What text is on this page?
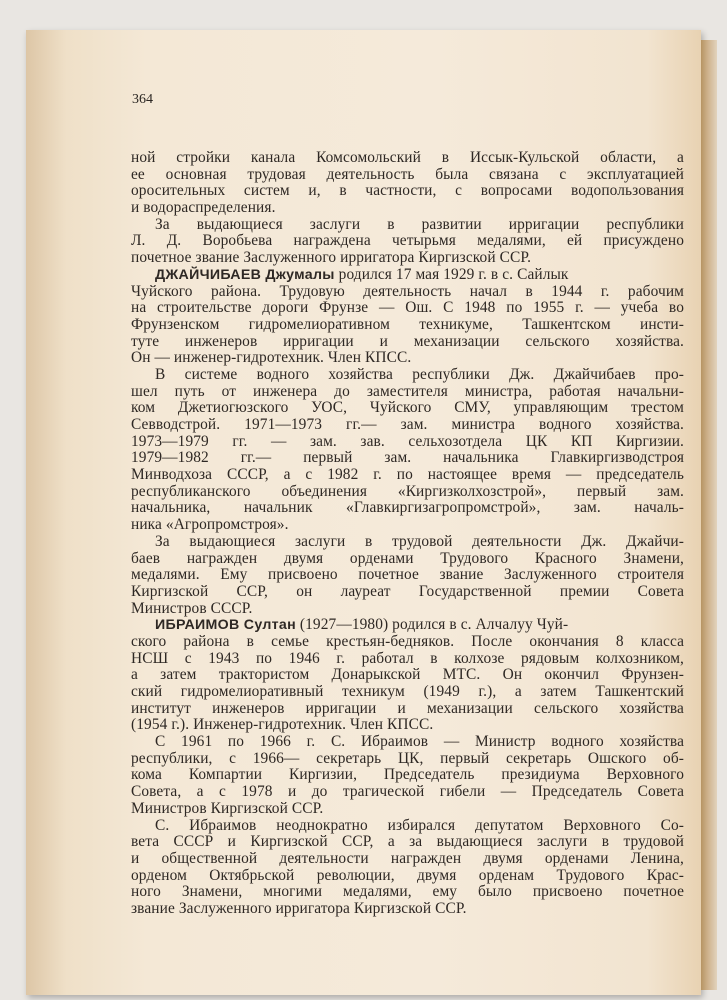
364
ной стройки канала Комсомольский в Иссык-Кульской области, а
ее основная трудовая деятельность была связана с эксплуатацией
оросительных систем и, в частности, с вопросами водопользования
и водораспределения.
За выдающиеся заслуги в развитии ирригации республики
Л. Д. Воробьева награждена четырьмя медалями, ей присуждено
почетное звание Заслуженного ирригатора Киргизской ССР.
ДЖАЙЧИБАЕВ Джумалы родился 17 мая 1929 г. в с. Сайлык
Чуйского района. Трудовую деятельность начал в 1944 г. рабочим
на строительстве дороги Фрунзе — Ош. С 1948 по 1955 г. — учеба во
Фрунзенском гидромелиоративном техникуме, Ташкентском инсти-
туте инженеров ирригации и механизации сельского хозяйства.
Он — инженер-гидротехник. Член КПСС.
В системе водного хозяйства республики Дж. Джайчибаев про-
шел путь от инженера до заместителя министра, работая начальни-
ком Джетиогюзского УОС, Чуйского СМУ, управляющим трестом
Севводстрой. 1971—1973 гг.— зам. министра водного хозяйства.
1973—1979 гг. — зам. зав. сельхозотдела ЦК КП Киргизии.
1979—1982 гг.— первый зам. начальника Главкиргизводстроя
Минводхоза СССР, а с 1982 г. по настоящее время — председатель
республиканского объединения «Киргизколхозстрой», первый зам.
начальника, начальник «Главкиргизагропромстрой», зам. началь-
ника «Агропромстроя».
За выдающиеся заслуги в трудовой деятельности Дж. Джайчи-
баев награжден двумя орденами Трудового Красного Знамени,
медалями. Ему присвоено почетное звание Заслуженного строителя
Киргизской ССР, он лауреат Государственной премии Совета
Министров СССР.
ИБРАИМОВ Султан (1927—1980) родился в с. Алчалуу Чуй-
ского района в семье крестьян-бедняков. После окончания 8 класса
НСШ с 1943 по 1946 г. работал в колхозе рядовым колхозником,
а затем трактористом Донарыкской МТС. Он окончил Фрунзен-
ский гидромелиоративный техникум (1949 г.), а затем Ташкентский
институт инженеров ирригации и механизации сельского хозяйства
(1954 г.). Инженер-гидротехник. Член КПСС.
С 1961 по 1966 г. С. Ибраимов — Министр водного хозяйства
республики, с 1966— секретарь ЦК, первый секретарь Ошского об-
кома Компартии Киргизии, Председатель президиума Верховного
Совета, а с 1978 и до трагической гибели — Председатель Совета
Министров Киргизской ССР.
С. Ибраимов неоднократно избирался депутатом Верховного Со-
вета СССР и Киргизской ССР, а за выдающиеся заслуги в трудовой
и общественной деятельности награжден двумя орденами Ленина,
орденом Октябрьской революции, двумя орденам Трудового Крас-
ного Знамени, многими медалями, ему было присвоено почетное
звание Заслуженного ирригатора Киргизской ССР.
